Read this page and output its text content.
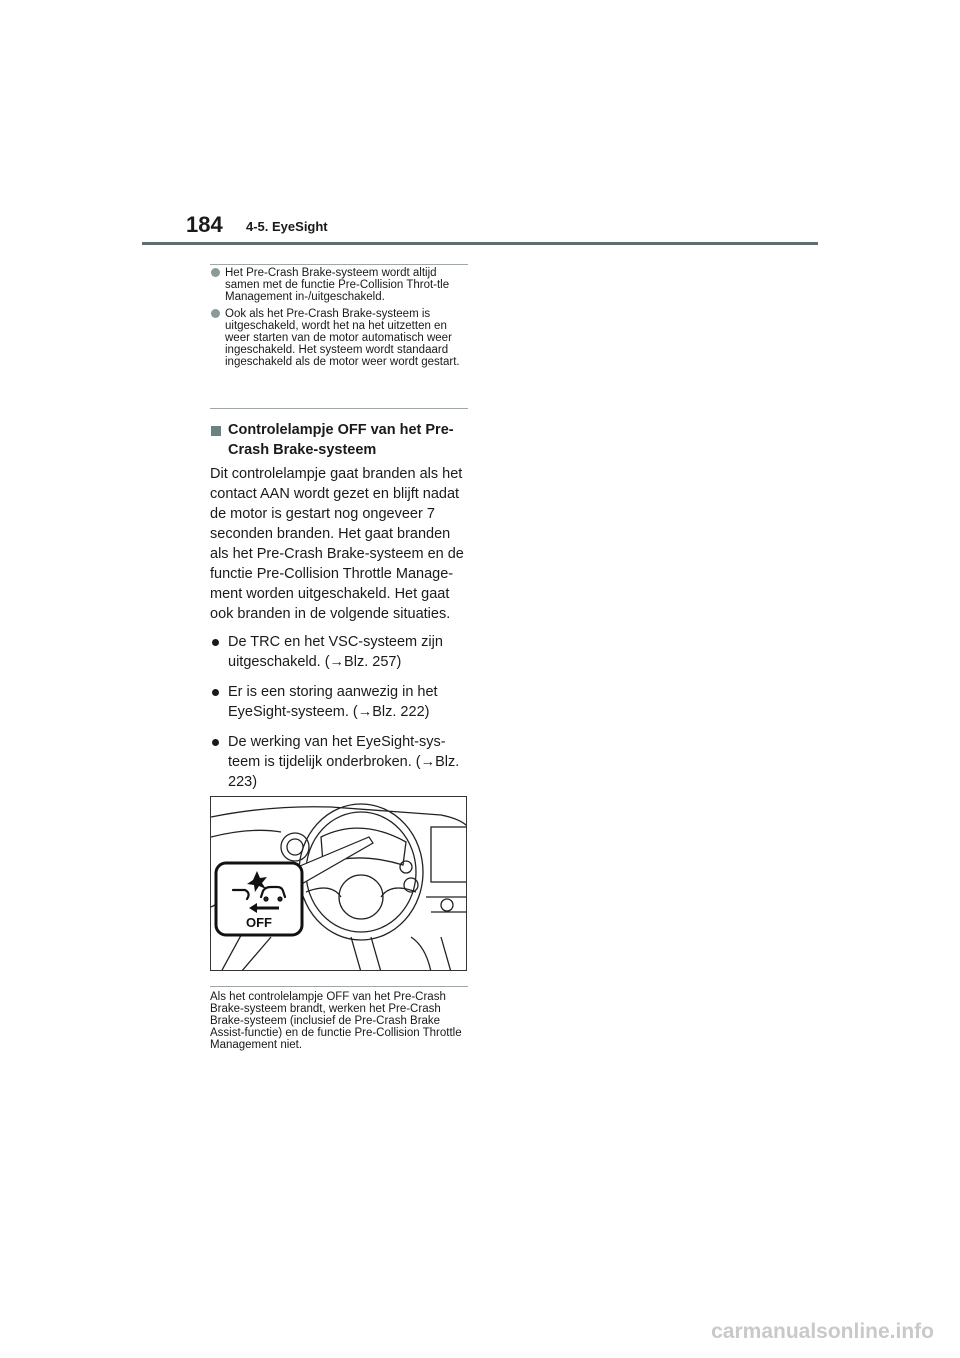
184 4-5. EyeSight
Het Pre-Crash Brake-systeem wordt altijd samen met de functie Pre-Collision Throt-tle Management in-/uitgeschakeld.
Ook als het Pre-Crash Brake-systeem is uitgeschakeld, wordt het na het uitzetten en weer starten van de motor automatisch weer ingeschakeld. Het systeem wordt standaard ingeschakeld als de motor weer wordt gestart.
Controlelampje OFF van het Pre-Crash Brake-systeem
Dit controlelampje gaat branden als het contact AAN wordt gezet en blijft nadat de motor is gestart nog ongeveer 7 seconden branden. Het gaat branden als het Pre-Crash Brake-systeem en de functie Pre-Collision Throttle Manage-ment worden uitgeschakeld. Het gaat ook branden in de volgende situaties.
De TRC en het VSC-systeem zijn uitgeschakeld. (→Blz. 257)
Er is een storing aanwezig in het EyeSight-systeem. (→Blz. 222)
De werking van het EyeSight-sys-teem is tijdelijk onderbroken. (→Blz. 223)
OFF
Als het controlelampje OFF van het Pre-Crash Brake-systeem brandt, werken het Pre-Crash Brake-systeem (inclusief de Pre-Crash Brake Assist-functie) en de functie Pre-Collision Throttle Management niet.
carmanualsonline.info
